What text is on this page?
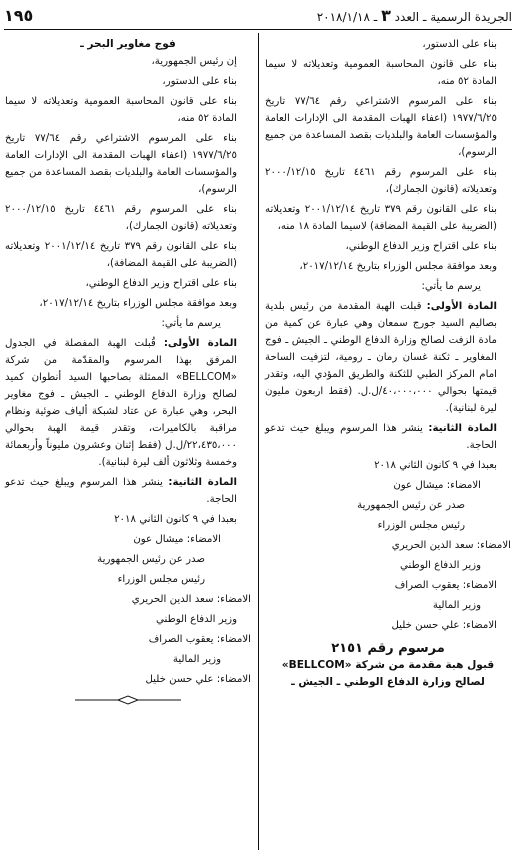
الجريدة الرسمية ـ العدد ٣ ـ ٢٠١٨/١/١٨
١٩٥

بناء على الدستور،

بناء على قانون المحاسبة العمومية وتعديلاته لا سيما المادة ٥٢ منه،

بناء على المرسوم الاشتراعي رقم ٧٧/٦٤ تاريخ ١٩٧٧/٦/٢٥ (اعفاء الهبات المقدمة الى الإدارات العامة والمؤسسات العامة والبلديات بقصد المساعدة من جميع الرسوم)،

بناء على المرسوم رقم ٤٤٦١ تاريخ ٢٠٠٠/١٢/١٥ وتعديلاته (قانون الجمارك)،

بناء على القانون رقم ٣٧٩ تاريخ ٢٠٠١/١٢/١٤ وتعديلاته (الضريبة على القيمة المضافة) لاسيما المادة ١٨ منه،

بناء على اقتراح وزير الدفاع الوطني،

وبعد موافقة مجلس الوزراء بتاريخ ٢٠١٧/١٢/١٤،

يرسم ما يأتي:

المادة الأولى: قبلت الهبة المقدمة من رئيس بلدية بصاليم السيد جورج سمعان وهي عبارة عن كمية من مادة الزفت لصالح وزارة الدفاع الوطني ـ الجيش ـ فوج المغاوير ـ ثكنة غسان رمان ـ رومية، لتزفيت الساحة امام المركز الطبي للثكنة والطريق المؤدي اليه، وتقدر قيمتها بحوالي ٤٠،٠٠٠،٠٠٠/ل.ل. (فقط اربعون مليون ليرة لبنانية).

المادة الثانية: ينشر هذا المرسوم ويبلغ حيث تدعو الحاجة.

بعبدا في ٩ كانون الثاني ٢٠١٨

الامضاء: ميشال عون

صدر عن رئيس الجمهورية

رئيس مجلس الوزراء

الامضاء: سعد الدين الحريري

وزير الدفاع الوطني

الامضاء: يعقوب الصراف

وزير المالية

الامضاء: علي حسن خليل

مرسوم رقم ٢١٥١

قبول هبة مقدمة من شركة «BELLCOM»

لصالح وزارة الدفاع الوطني ـ الجيش ـ

فوج مغاوير البحر ـ

إن رئيس الجمهورية،

بناء على الدستور،

بناء على قانون المحاسبة العمومية وتعديلاته لا سيما المادة ٥٢ منه،

بناء على المرسوم الاشتراعي رقم ٧٧/٦٤ تاريخ ١٩٧٧/٦/٢٥ (اعفاء الهبات المقدمة الى الإدارات العامة والمؤسسات العامة والبلديات بقصد المساعدة من جميع الرسوم)،

بناء على المرسوم رقم ٤٤٦١ تاريخ ٢٠٠٠/١٢/١٥ وتعديلاته (قانون الجمارك)،

بناء على القانون رقم ٣٧٩ تاريخ ٢٠٠١/١٢/١٤ وتعديلاته (الضريبة على القيمة المضافة)،

بناء على اقتراح وزير الدفاع الوطني،

وبعد موافقة مجلس الوزراء بتاريخ ٢٠١٧/١٢/١٤،

يرسم ما يأتي:

المادة الأولى: قُبلت الهبة المفصلة في الجدول المرفق بهذا المرسوم والمقدّمة من شركة «BELLCOM» الممثلة بصاحبها السيد أنطوان كميد لصالح وزارة الدفاع الوطني ـ الجيش ـ فوج مغاوير البحر، وهي عبارة عن عتاد لشبكة ألياف ضوئية ونظام مراقبة بالكاميرات، وتقدر قيمة الهبة بحوالي ٢٢،٤٣٥،٠٠٠/ل.ل (فقط إثنان وعشرون مليوناً وأربعمائة وخمسة وثلاثون ألف ليرة لبنانية).

المادة الثانية: ينشر هذا المرسوم ويبلغ حيث تدعو الحاجة.

بعبدا في ٩ كانون الثاني ٢٠١٨

الامضاء: ميشال عون

صدر عن رئيس الجمهورية

رئيس مجلس الوزراء

الامضاء: سعد الدين الحريري

وزير الدفاع الوطني

الامضاء: يعقوب الصراف

وزير المالية

الامضاء: علي حسن خليل
